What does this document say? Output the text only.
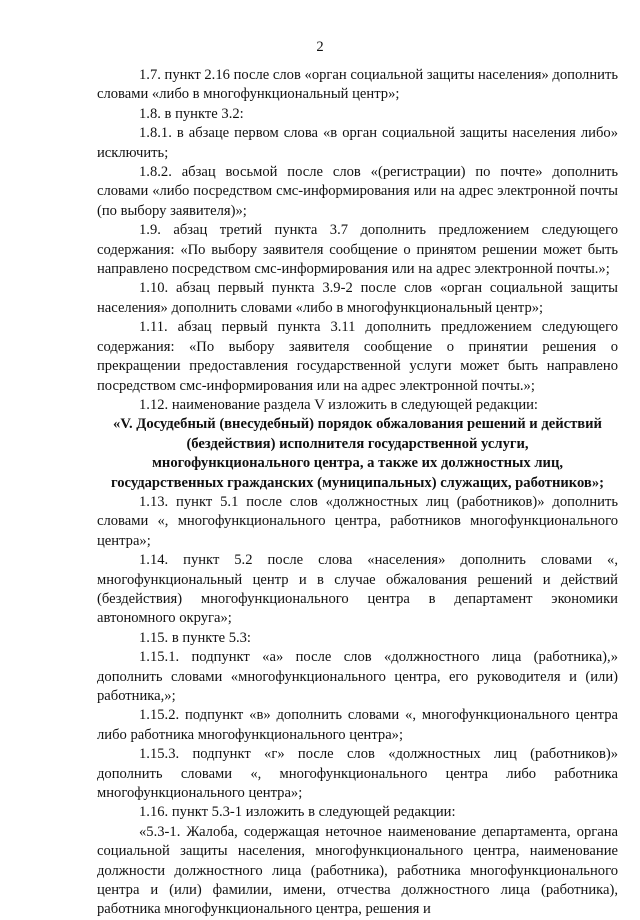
2

1.7. пункт 2.16 после слов «орган социальной защиты населения» дополнить словами «либо в многофункциональный центр»;

1.8. в пункте 3.2:

1.8.1. в абзаце первом слова «в орган социальной защиты населения либо» исключить;

1.8.2. абзац восьмой после слов «(регистрации) по почте» дополнить словами «либо посредством смс-информирования или на адрес электронной почты (по выбору заявителя)»;

1.9. абзац третий пункта 3.7 дополнить предложением следующего содержания: «По выбору заявителя сообщение о принятом решении может быть направлено посредством смс-информирования или на адрес электронной почты.»;

1.10. абзац первый пункта 3.9-2 после слов «орган социальной защиты населения» дополнить словами «либо в многофункциональный центр»;

1.11. абзац первый пункта 3.11 дополнить предложением следующего содержания: «По выбору заявителя сообщение о принятии решения о прекращении предоставления государственной услуги может быть направлено посредством смс-информирования или на адрес электронной почты.»;

1.12. наименование раздела V изложить в следующей редакции:

«V. Досудебный (внесудебный) порядок обжалования решений и действий
(бездействия) исполнителя государственной услуги,
многофункционального центра, а также их должностных лиц,
государственных гражданских (муниципальных) служащих, работников»;

1.13. пункт 5.1 после слов «должностных лиц (работников)» дополнить словами «, многофункционального центра, работников многофункционального центра»;

1.14. пункт 5.2 после слова «населения» дополнить словами «, многофункциональный центр и в случае обжалования решений и действий (бездействия) многофункционального центра в департамент экономики автономного округа»;

1.15. в пункте 5.3:

1.15.1. подпункт «а» после слов «должностного лица (работника),» дополнить словами «многофункционального центра, его руководителя и (или) работника,»;

1.15.2. подпункт «в» дополнить словами «, многофункционального центра либо работника многофункционального центра»;

1.15.3. подпункт «г» после слов «должностных лиц (работников)» дополнить словами «, многофункционального центра либо работника многофункционального центра»;

1.16. пункт 5.3-1 изложить в следующей редакции:

«5.3-1. Жалоба, содержащая неточное наименование департамента, органа социальной защиты населения, многофункционального центра, наименование должности должностного лица (работника), работника многофункционального центра и (или) фамилии, имени, отчества должностного лица (работника), работника многофункционального центра, решения и
